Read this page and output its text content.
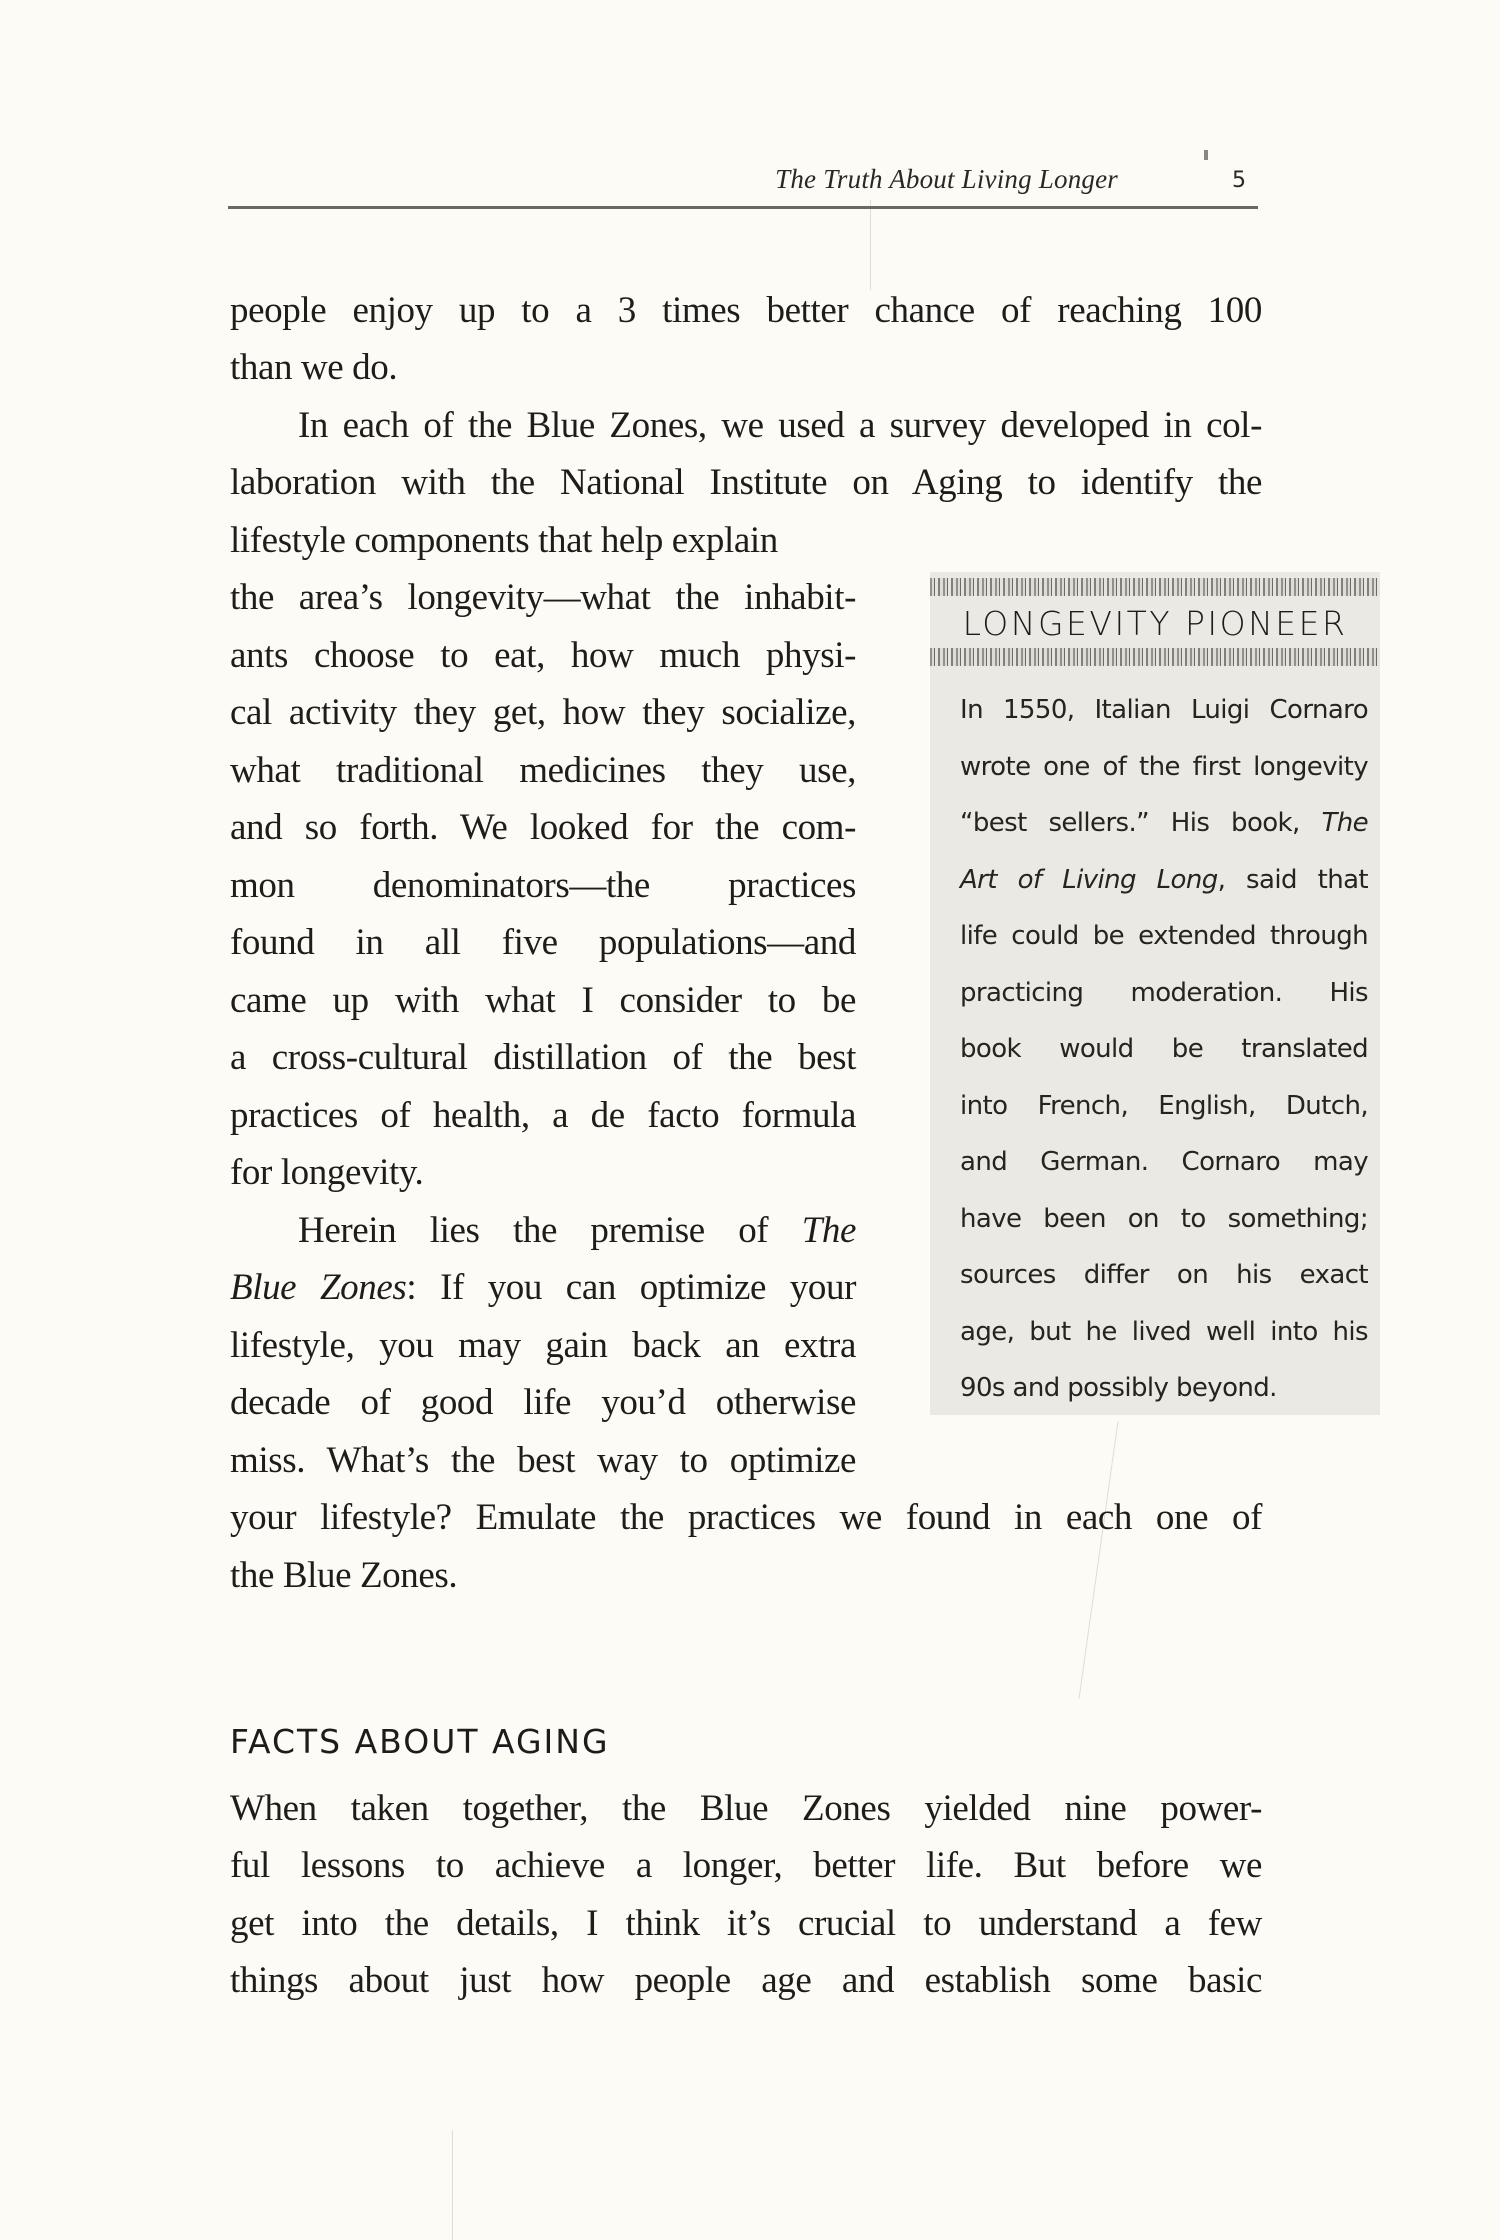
The Truth About Living Longer	5
people enjoy up to a 3 times better chance of reaching 100
than we do.
In each of the Blue Zones, we used a survey developed in col-
laboration with the National Institute on Aging to identify the
lifestyle components that help explain
the area’s longevity—what the inhabit-
ants choose to eat, how much physi-
cal activity they get, how they socialize,
what traditional medicines they use,
and so forth. We looked for the com-
mon denominators—the practices
found in all five populations—and
came up with what I consider to be
a cross-cultural distillation of the best
practices of health, a de facto formula
for longevity.
Herein lies the premise of The
Blue Zones: If you can optimize your
lifestyle, you may gain back an extra
decade of good life you’d otherwise
miss. What’s the best way to optimize
your lifestyle? Emulate the practices we found in each one of
the Blue Zones.
LONGEVITY PIONEER
In 1550, Italian Luigi Cornaro
wrote one of the first longevity
“best sellers.” His book, The
Art of Living Long, said that
life could be extended through
practicing moderation. His
book would be translated
into French, English, Dutch,
and German. Cornaro may
have been on to something;
sources differ on his exact
age, but he lived well into his
90s and possibly beyond.
FACTS ABOUT AGING
When taken together, the Blue Zones yielded nine power-
ful lessons to achieve a longer, better life. But before we
get into the details, I think it’s crucial to understand a few
things about just how people age and establish some basic
